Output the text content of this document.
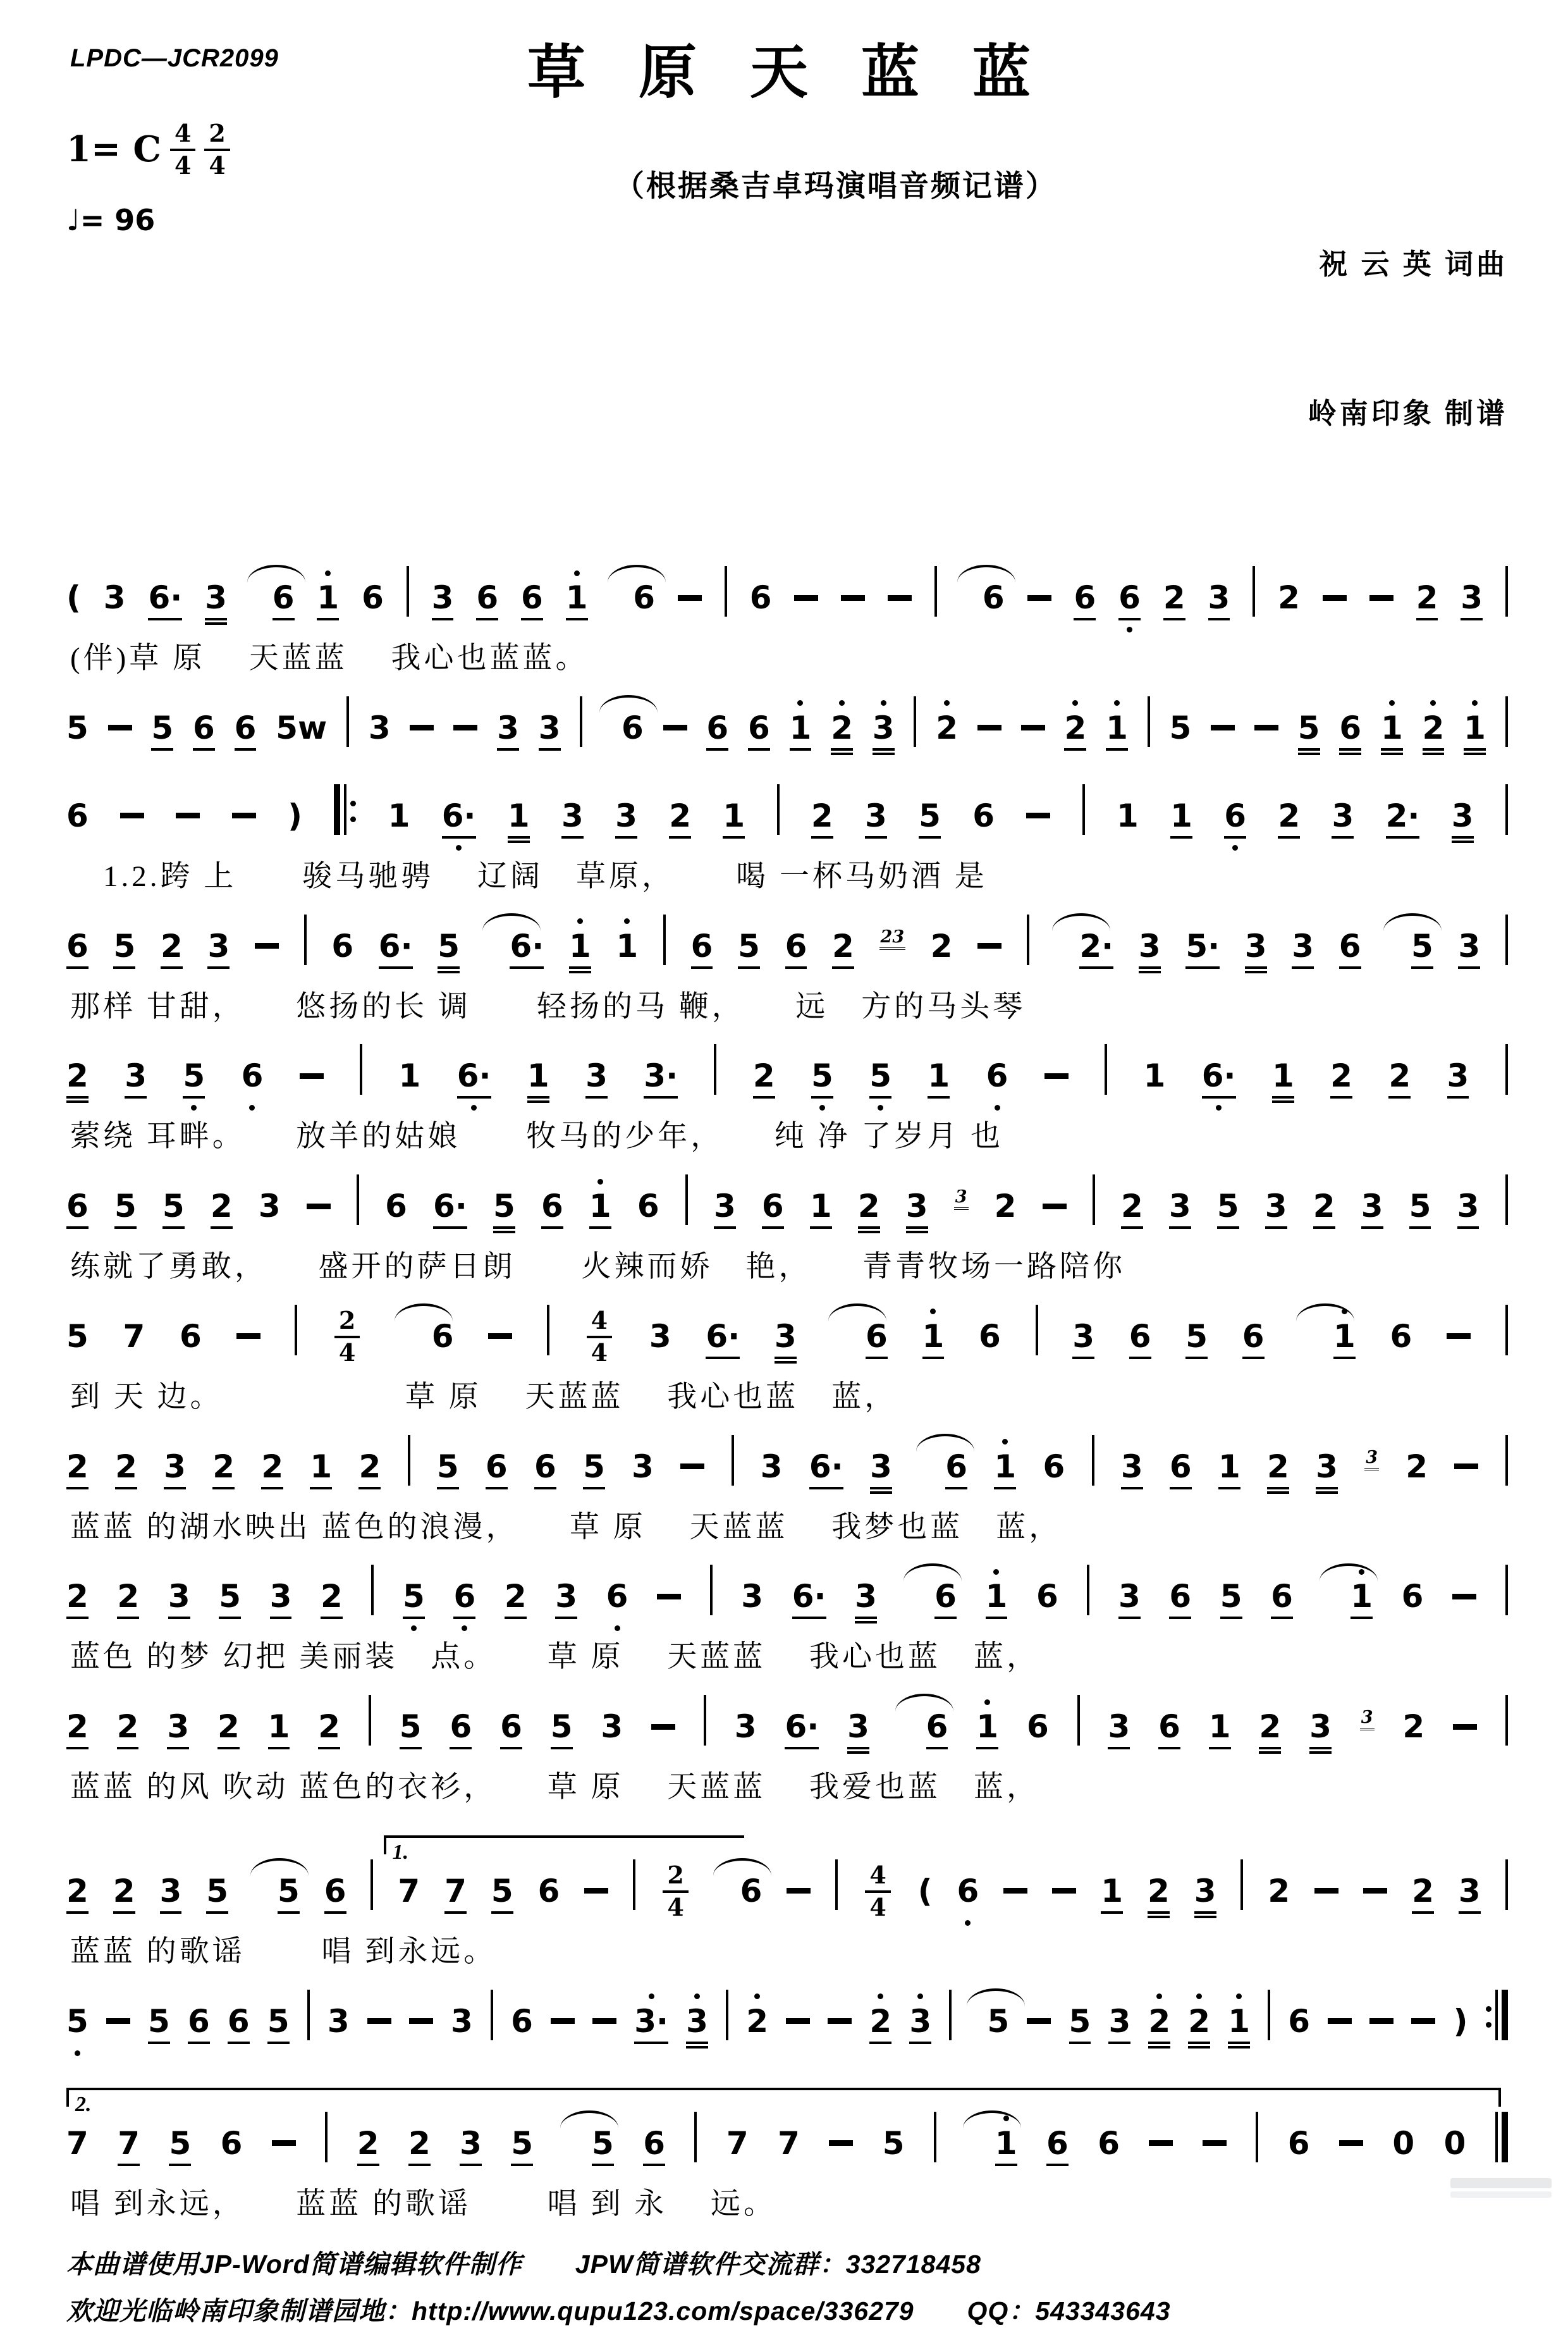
LPDC—JCR2099	草 原 天 蓝 蓝
1= C 4
4
2
4
♩= 96
（根据桑吉卓玛演唱音频记谱）

祝 云 英 词曲

岭南印象 制谱

( 3 6· 3 6 1 6 3 6 6 1 6	6	6 6 6 2 3 2	2 3
(伴)草 原　 天蓝蓝　 我心也蓝蓝。
5 5 6 6 5w 3	3 3 6 6 6 1 2 3 2	2 1 5	5 6 1 2 1
6	)	1 6· 1 3 3 2 1 2 3 5 6	1 1 6 2 3 2· 3
　1.2.跨 上　　骏马驰骋　 辽阔　草原，　　 喝 一杯马奶酒 是
6 5 2 3	6 6· 5 6· 1 1 6 5 6 2 23 2	2· 3 5· 3 3 6 5 3
那样 甘甜，　　悠扬的长 调　　轻扬的马 鞭，　　远　方的马头琴
2 3 5 6	1 6· 1 3 3· 2 5 5 1 6	1 6· 1 2 2 3
萦绕 耳畔。　　放羊的姑娘　　牧马的少年，　　纯 净 了岁月 也
6 5 5 2 3	6 6· 5 6 1 6 3 6 1 2 3 3 2	2 3 5 3 2 3 5 3
练就了勇敢，　　盛开的萨日朗　　火辣而娇　艳，　　青青牧场一路陪你
5 7 6	2
4 6	4
4 3 6· 3 6 1 6 3 6 5 6 1 6
到 天 边。　　　　　　草 原　 天蓝蓝　 我心也蓝　蓝，
2 2 3 2 2 1 2 5 6 6 5 3	3 6· 3 6 1 6 3 6 1 2 3 3 2
蓝蓝 的湖水映出 蓝色的浪漫，　　草 原　 天蓝蓝　 我梦也蓝　蓝，
2 2 3 5 3 2 5 6 2 3 6	3 6· 3 6 1 6 3 6 5 6 1 6
蓝色 的梦 幻把 美丽装　点。　　草 原　 天蓝蓝　 我心也蓝　蓝，
2 2 3 2 1 2 5 6 6 5 3	3 6· 3 6 1 6 3 6 1 2 3 3 2
蓝蓝 的风 吹动 蓝色的衣衫，　　草 原　 天蓝蓝　 我爱也蓝　蓝，
1.
2 2 3 5 5 6 7 7 5 6	2
4 6	4
4 ( 6	1 2 3 2	2 3
蓝蓝 的歌谣　　 唱 到永远。
5 5 6 6 5 3	3 6	3· 3 2	2 3 5 5 3 2 2 1 6	)
2.
7 7 5 6	2 2 3 5 5 6 7 7	5	1 6 6	6	0 0
唱 到永远，　　蓝蓝 的歌谣　　 唱 到 永　 远。
本曲谱使用JP-Word简谱编辑软件制作　　JPW简谱软件交流群：332718458
欢迎光临岭南印象制谱园地：http://www.qupu123.com/space/336279　　QQ：543343643
